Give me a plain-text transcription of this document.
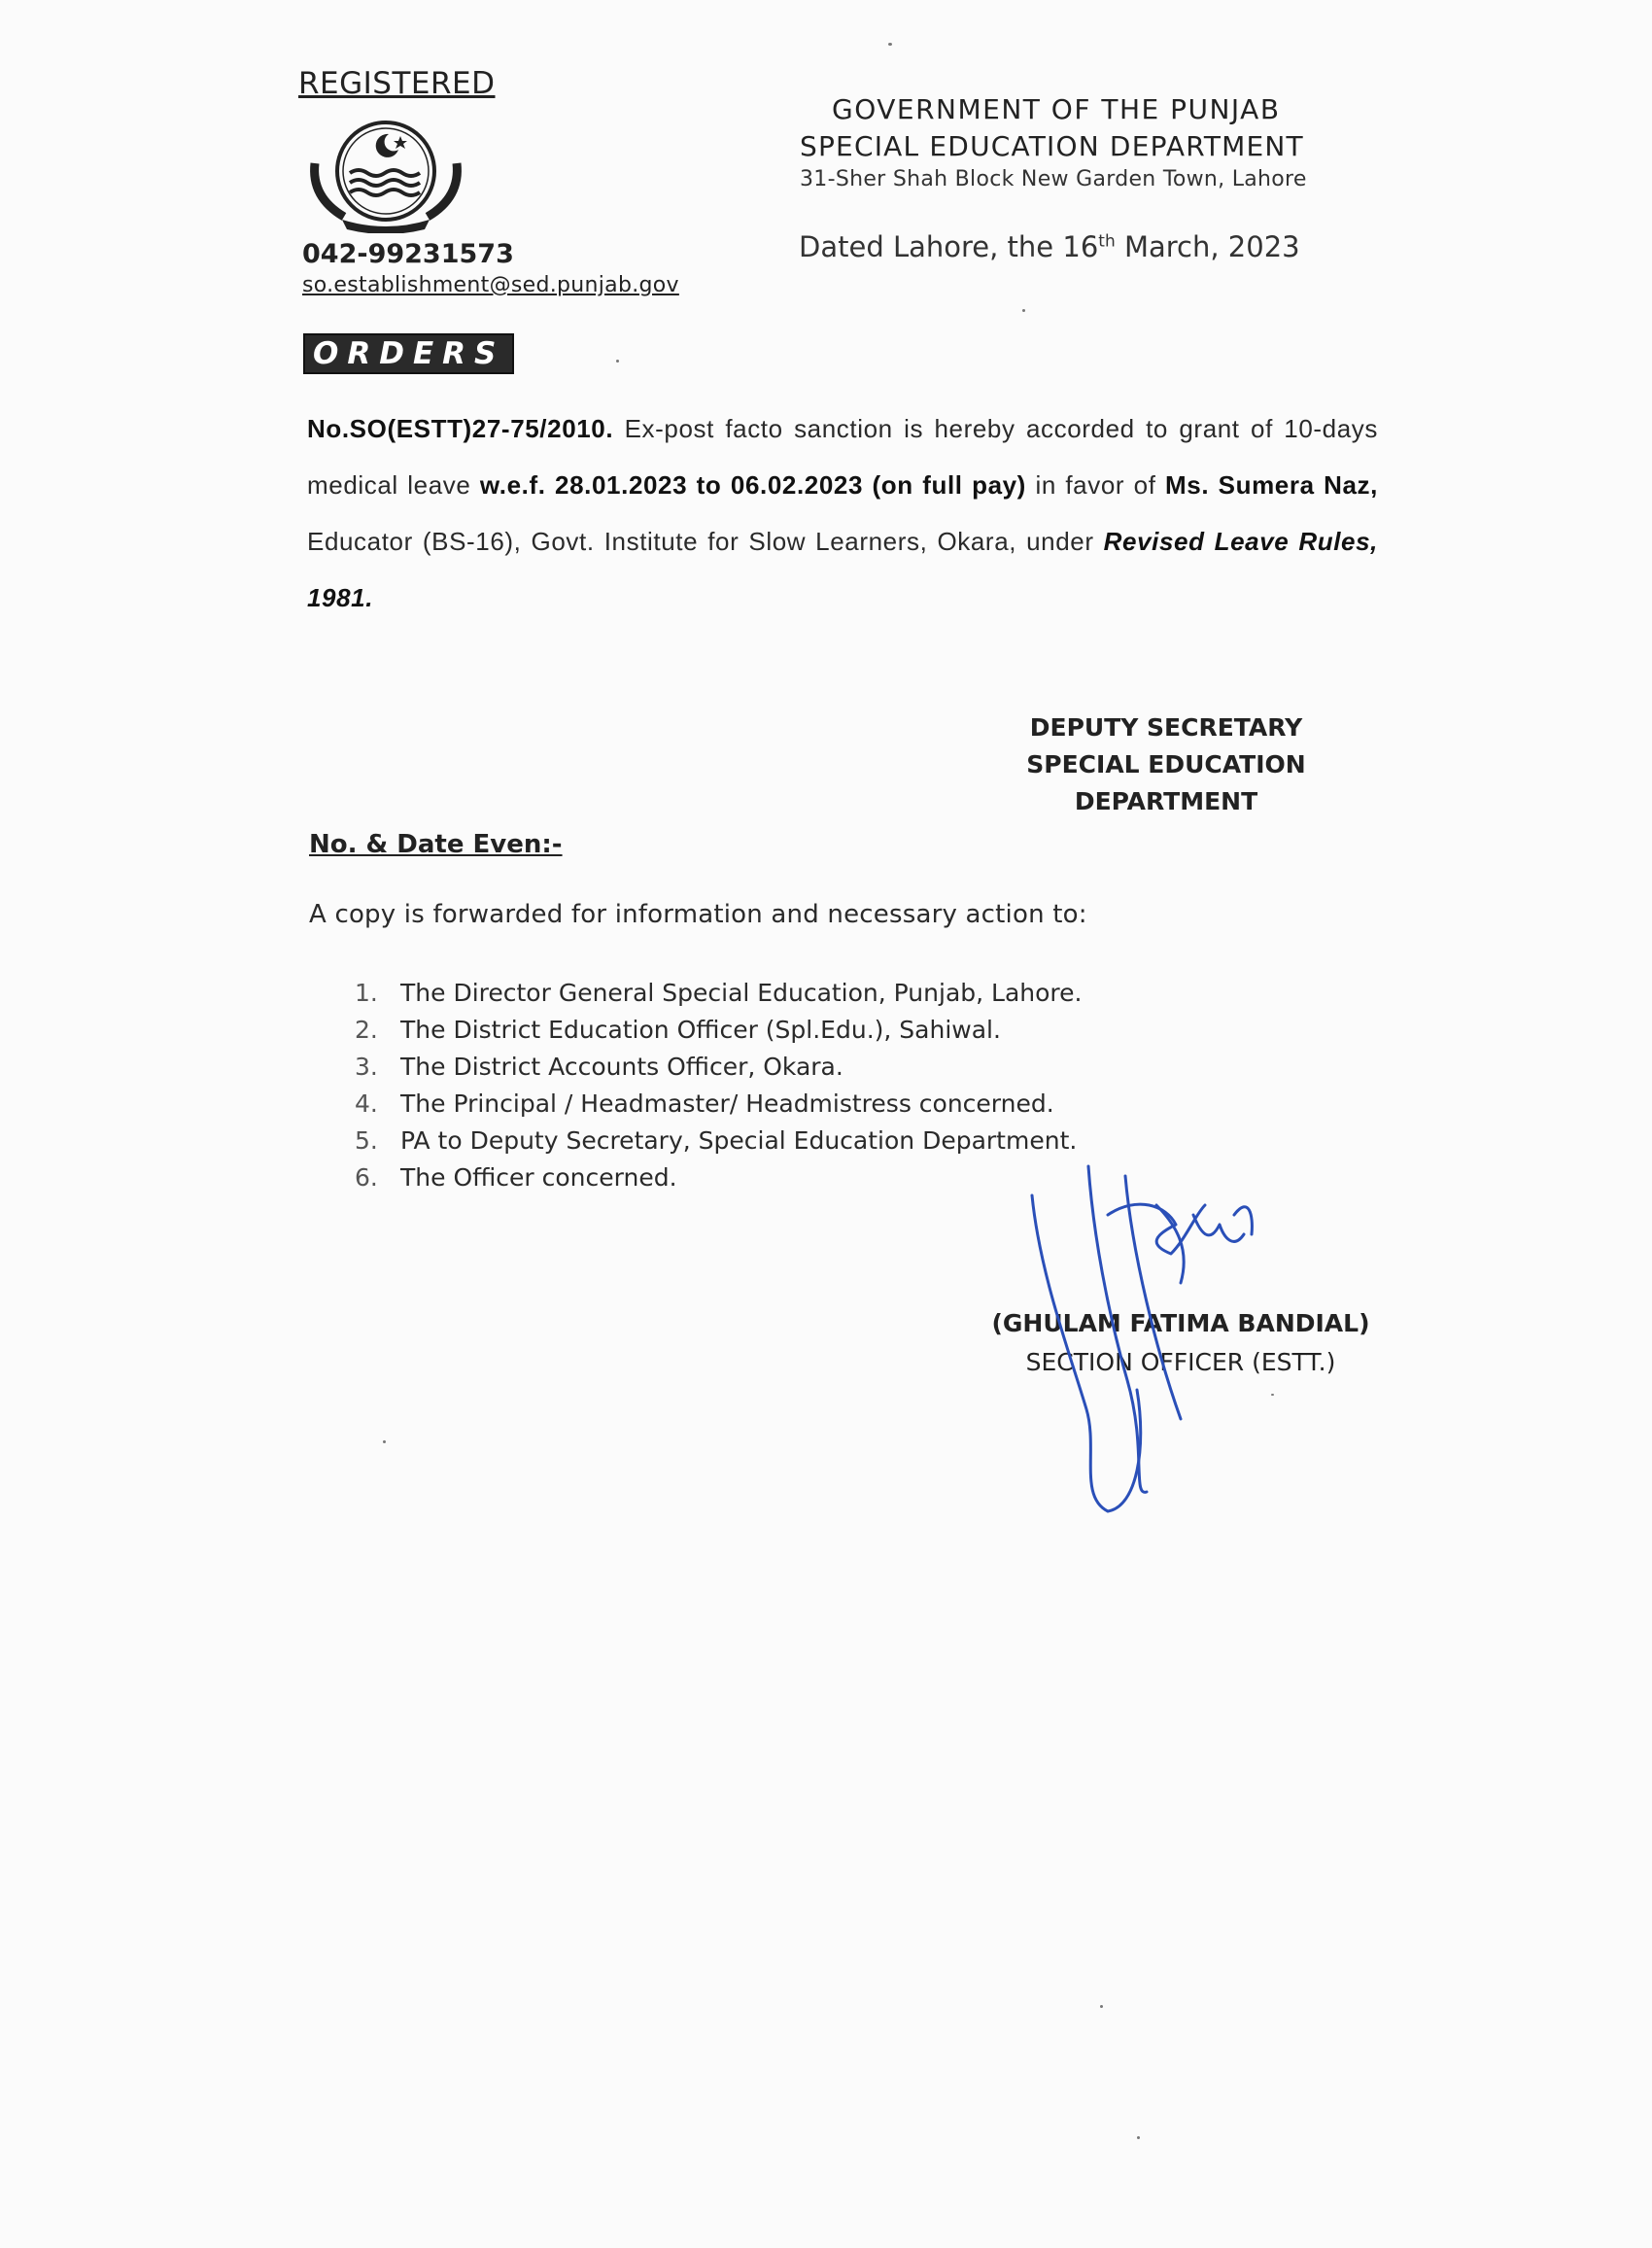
REGISTERED
042-99231573
so.establishment@sed.punjab.gov
GOVERNMENT OF THE PUNJAB
SPECIAL EDUCATION DEPARTMENT
31-Sher Shah Block New Garden Town, Lahore
Dated Lahore, the 16th March, 2023
ORDERS
No.SO(ESTT)27-75/2010. Ex-post facto sanction is hereby accorded to grant of 10-days medical leave w.e.f. 28.01.2023 to 06.02.2023 (on full pay) in favor of Ms. Sumera Naz, Educator (BS-16), Govt. Institute for Slow Learners, Okara, under Revised Leave Rules, 1981.
DEPUTY SECRETARY
SPECIAL EDUCATION
DEPARTMENT
No. & Date Even:-
A copy is forwarded for information and necessary action to:
1. The Director General Special Education, Punjab, Lahore.
2. The District Education Officer (Spl.Edu.), Sahiwal.
3. The District Accounts Officer, Okara.
4. The Principal / Headmaster/ Headmistress concerned.
5. PA to Deputy Secretary, Special Education Department.
6. The Officer concerned.
(GHULAM FATIMA BANDIAL)
SECTION OFFICER (ESTT.)
